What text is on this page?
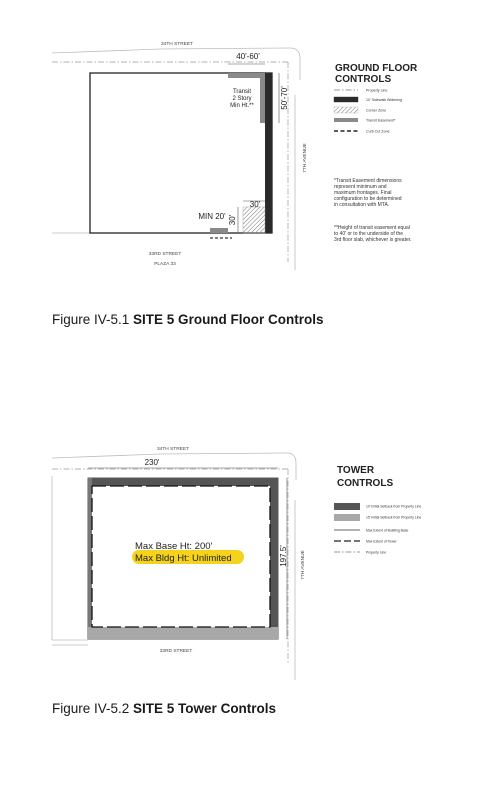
34TH STREET
40'-60'
50'-70'
7TH AVENUE
Transit
2 Story
Min Ht.**
30'
30'
MIN 20'
33RD STREET
PLAZA 33
GROUND FLOOR
CONTROLS
Property Line
10' Sidewalk Widening
Corner Zone
Transit Easement*
Curb Cut Zone
*Transit Easement dimensions
represent minimum and
maximum frontages. Final
configuration to be determined
in consultation with MTA.
**Height of transit easement equal
to 40' or to the underside of the
3rd floor slab, whichever is greater.
34TH STREET
230'
197.5'	7TH AVENUE
Max Base Ht: 200'
Max Bldg Ht: Unlimited
33RD STREET
TOWER
CONTROLS
10' Initial Setback from Property Line
15' Initial Setback from Property Line
Max Extent of Building Base
Max Extent of Tower
Property Line
Figure IV-5.1 SITE 5 Ground Floor Controls
Figure IV-5.2 SITE 5 Tower Controls
